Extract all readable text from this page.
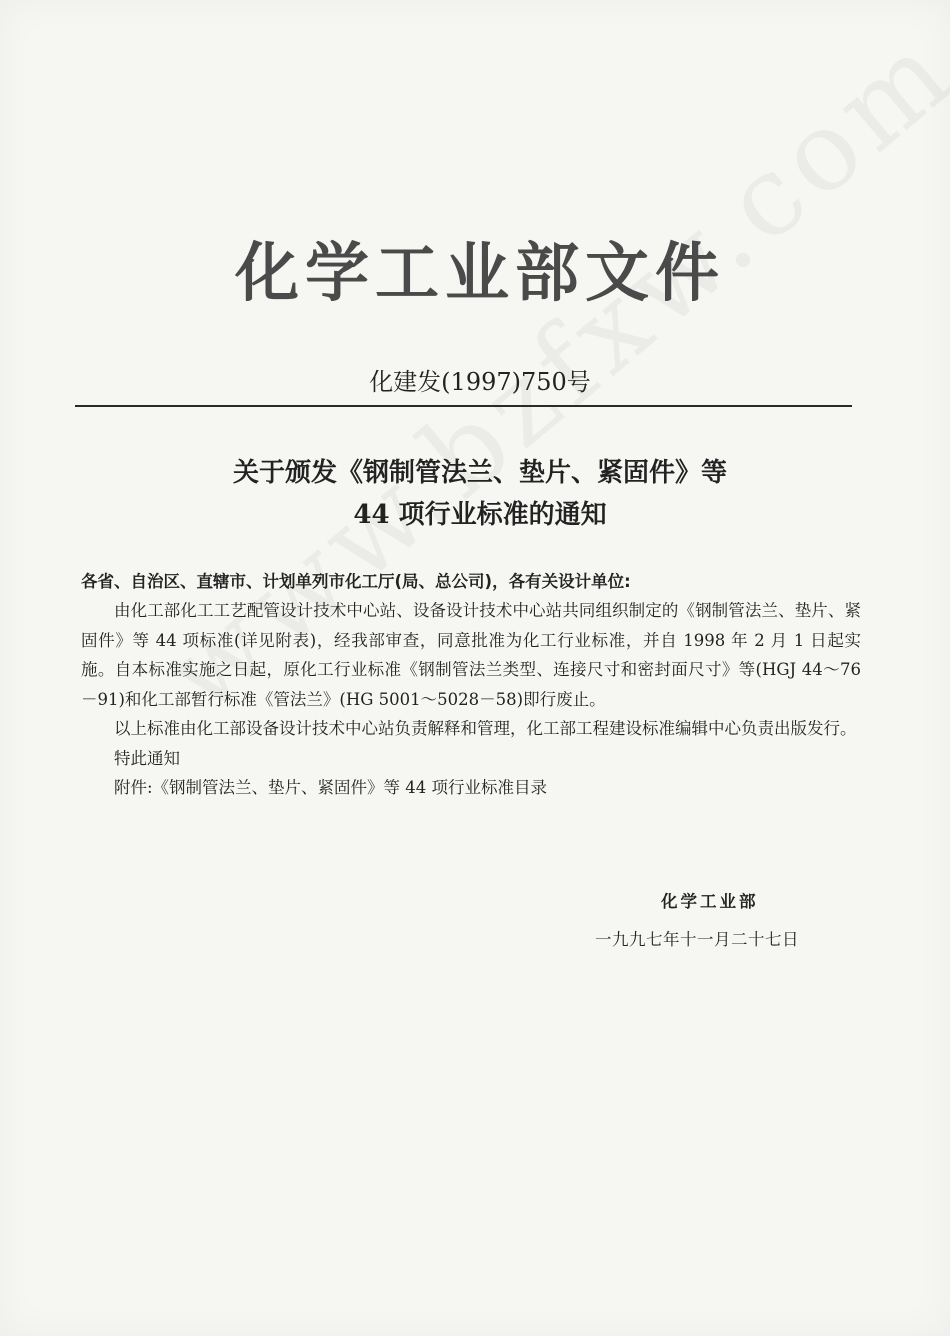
化学工业部文件
化建发(1997)750号
关于颁发《钢制管法兰、垫片、紧固件》等
44 项行业标准的通知

各省、自治区、直辖市、计划单列市化工厅(局、总公司)，各有关设计单位:

由化工部化工工艺配管设计技术中心站、设备设计技术中心站共同组织制定的《钢制管法兰、垫片、紧固件》等 44 项标准(详见附表)，经我部审查，同意批准为化工行业标准，并自 1998 年 2 月 1 日起实施。自本标准实施之日起，原化工行业标准《钢制管法兰类型、连接尺寸和密封面尺寸》等(HGJ 44～76－91)和化工部暂行标准《管法兰》(HG 5001～5028－58)即行废止。

以上标准由化工部设备设计技术中心站负责解释和管理，化工部工程建设标准编辑中心负责出版发行。

特此通知

附件:《钢制管法兰、垫片、紧固件》等 44 项行业标准目录

化学工业部

一九九七年十一月二十七日
